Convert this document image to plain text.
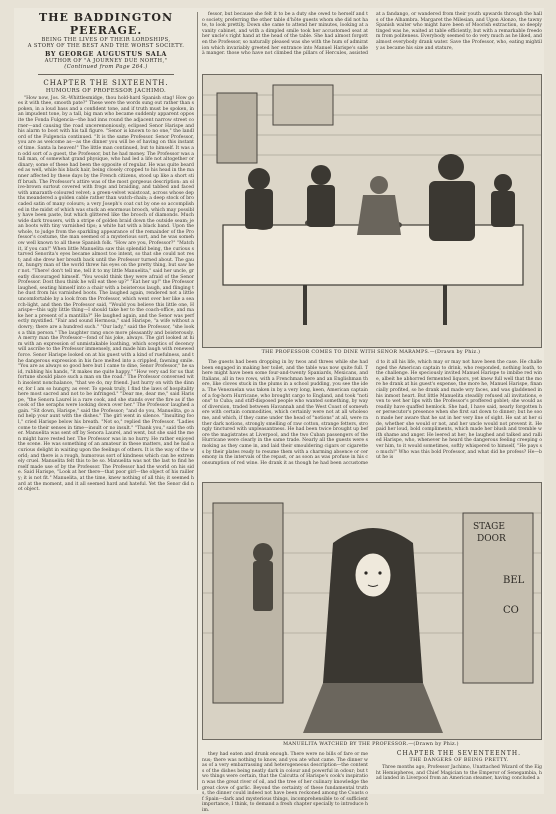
THE BADDINGTON PEERAGE.
BEING THE LIVES OF THEIR LORDSHIPS,
A STORY OF THE BEST AND THE WORST SOCIETY.
BY GEORGE AUGUSTUS SALA
AUTHOR OF "A JOURNEY DUE NORTH,"
(Continued from Page 264.)
CHAPTER THE SIXTEENTH.
HUMOURS OF PROFESSOR JACHIMO.

"How now, Jos. St.-Whittlesmidge, thou hold-hard Spanish stag! How goes it with thee, smooth pate?" These were the words sung out rather than spoken, in a loud bass and a confident tone, and if truth must be spoken, in an impudent tone, by a tall, big man who became suddenly apparent opposite the Fonda Fulgencia—the bad inns round the adjacent narrow street corner—and causing the road unceremoniously, eclipsed Senor Harispe and his alarm to boot with his tall figure. "Senor is known to no one," the landlord of the Fulgencia continued. "It is the same Professor. Senor Professor, you are as welcome as—as the dinner you will be of having on this instant of time. Santa la heaven!" The little man continued, but to himself. It was an odd sort of a guest, the Professor, but he had money. The Professor was a tall man, of somewhat grand physique, who had led a life not altogether ordinary; some of these had been the opposite of regular. He was quite bearded as well, while his black hair, being closely cropped to his head in the manner affected by these days by the French citizens, stood up like a short stiff brush. The Professor's attire was of the most gorgeous description: an olive-brown surtout covered with frogs and braiding, and tabbed and faced with amaranth-coloured velvet; a green-velvet waistcoat, across whose depths meandered a golden cable rather than watch-chain; a deep stock of brocaded satin of many colours; a very Joseph's coat cut by one so accomplished in the midst of which was stuck an enormous brooch, which may possibly have been paste, but which glittered like the brooch of diamonds. Much wide dark trousers, with a stripe of golden braid down the outside seam; jean boots with tiny varnished tips; a white hat with a black band. Upon the whole, to judge from the sparkling appearance of the remainder of the Professor's costume, the man seemed of a mysterious sort, and he was somehow well known to all these Spanish folk. "How are you, Professor?" "Match it, if you can!" When little Manuelita saw this splendid being, the curious starved Senorita's eyes became almost too intent, so that she could not rest; and she drew her breath back until the Professor turned about. The gaunt, hungry man of the world threw his eyes on the pretty thing, but saw her not. "There! don't tell me, tell it to my little Manuelita," said her uncle, greatly discouraged himself. "You would think they were afraid of the Senor Professor. Dost thou think he will eat thee up?" "Eat her up!" the Professor laughed, seating himself into a chair with a boisterous laugh, and flinging the dust from his varnished boots. The laughed again, rendered not a little uncomfortable by a look from the Professor, which went over her like a search-light, and then the Professor said, "Would you believe this little one, Harispe—this ugly little thing—I should take her to the coach-office, and make her a present of a mantilla?" He laughed again, and the Senor was perfectly mystified. "Fair and sound Hermosa," said Harispe, "a wife without a dowry; there are a hundred such." "Our lady," said the Professor, "she looks a thin person." The laughter rang once more pleasantly and boisterously. A merry man the Professor—fond of his joke, always. The girl looked at him with an expression of unmistakable loathing, which sceptics of decency will ascribe to the Professor immensely, and made him laugh with renewed force. Senor Harispe looked on at his guest with a kind of ruefulness, and the dangerous expression in his face melted into a crippled, fawning smile. "You are as always so good here but I came to dine, Senor Professor," he said, rubbing his hands, "it makes me quite happy." "How very sad for us that fortune should place such a man on the road." The Professor conversed with insolent nonchalance, "that we do, my friend. Just hurry on with the dinner, for I am so hungry, as ever. To speak truly, I find the laws of hospitality here most sacred and not to be infringed." "Dear me, dear me," said Harispe, "the Senora Laurel is a rare cook, and she stands over the fire as if the cook of the seraphs were looking down over her." The Professor laughed again. "Sit down, Harispe," said the Professor; "and do you, Manuelita, go and help your aunt with the dishes." The girl went in silence. "Insulting fool," cried Harispe below his breath. "Not so," replied the Professor. "Ladies come to their senses in time—insult or no insult." "Thank you," said the other. Manuelita was sent off by Senora Laurel, and went, but she said the men might have rested her. The Professor was in no hurry. He rather enjoyed the scene. He was something of an amateur in these matters, and he had a curious delight in waiting upon the feelings of others. It is the way of the world; and there is a rough, humorous sort of kindness which can be extremely cruel. Manuelita felt this to be so. Manuelita was not the last to find herself made use of by the Professor. The Professor had the world on his side. Said Harispe, "Look at her there—that poor girl—the object of his raillery; it is not fit." Manuelita, at the time, knew nothing of all this; it seemed hard at the moment, and it all seemed hard and hateful. Yet the Senor did not object.

fessor, but because she felt it to be a duty she owed to herself and to society, preferring the other table d'hôte guests whom she did not hate, to look prettily. Down she came to attend her minutes, looking at a vanity cabinet, and with a dimpled smile took her accustomed seat at her uncle's right hand at the head of the table. She had almost forgotten the Professor, so naturally pleased was she with the hum of admiration which invariably greeted her entrance into Manuel Harispe's salle à manger. those who have not climbed the pillars of Hercules, assisted at a fandango, or wandered from their youth upwards through the halls of the Alhambra. Margaret the Milesian, and Ugon Alonzo, the tawny Spanish waiter who might have been of Moorish extraction, so deeply tinged was he, waited at table efficiently, but with a remarkable freedom from politeness. Everybody seemed to do very much as he liked, and almost everybody drank water. Save the Professor, who, eating mightily as became his size and stature,

THE PROFESSOR COMES TO DINE WITH SENOR MARAMPS.—(Drawn by Phiz.)

The guests had been dropping in by twos and threes while she had been engaged in making her toilet, and the table was now quite full. There might have been some four-and-twenty Spaniards, Mexicans, and Italians, all in two rows, with a Frenchman here and an Englishman there, like cloves stuck in the plums in a school pudding, you see the idea. The Venezuelan was taken in by a very long, keen, American captain of a fog-horn Hurricane, who brought cargo to England, and took "notions" to Cuba; and stiff-disposed people who wanted something, by way of diversion, traded between Havannah and the West Coast of somewhere with certain commodities, which certainly were not at all wholesome, and which, if they came under the head of "notions" at all, were rather dark notions, strongly smelling of raw cotton, strange fetters, strongly tinctured with unpleasantness. He had been twice brought up before the magistrates at Liverpool, and the two Cuban passengers of the Hurricane were clearly in the same trade. Nearly all the guests were smoking as they came in, and laid their smouldering cigars or cigarettes by their plates ready to resume them with a charming absence or ceremony in the intervals of the repast, or as soon as was profuse in his consumption of red wine. He drank it as though he had been accustomed to it all his life, which may or may not have been the case. He challenged the American captain to drink, who responded, nothing loath, to the challenge. He speciously invited Manuel Harispe to imbibe red wine, albeit he abhorred fermented liquors, yet knew full well that the more he drank at his guest's expense, the more he, Manuel Harispe, financially profited, so he drank and made wry faces, and was gladdened in his inmost heart. But little Manuelita steadily refused all invitations, even to wet her lips with the Professor's proffered goblet; she would as readily have quaffed hemlock. She had, I have said, nearly forgotten her persecutor's presence when she first sat down to dinner; but he soon made her aware that he sat in her very line of sight. He sat at her side, whether she would or not, and her uncle would not prevent it. He paid her loud, bold compliments, which made her blush and tremble with shame and anger. He leered at her; he laughed and talked and rallied Harispe, who, whenever he heard the dangerous feeling creeping over him, to it would sometimes, softly whispered to himself, "He pays so much!" Who was this bold Professor, and what did he profess? He—but he is

STAGE
DOOR
BEL
CO
MANUELITA WATCHED BY THE PROFESSOR.—(Drawn by Phiz.)

they had eaten and drunk enough. There were no bills of fare or menus; there was nothing to know, and you ate what came. The dinner was of a very embarrassing and heterogeneous description—the contents of the dishes being neatly dark in colour and powerful in odour; but two things were certain, that the Calcutta of Harispe's cook's inspiration was the great river of oil, and the tree of her culinary knowledge the great clove of garlic. Beyond the certainty of these fundamental truths, the dinner could indeed not have been reckoned among the Coasts of Spain—dark and mysterious things, incomprehensible to of sufficient importance, I think, to demand a fresh chapter specially to introduce him.

CHAPTER THE SEVENTEENTH.
THE DANGERS OF BEING PRETTY.

Three months ago, Professor Jachimo, Unattached Wizard of the Eight Hemispheres, and Chief Magician to the Emperor of Senegambia, had landed in Liverpool from an American steamer, having concluded a
